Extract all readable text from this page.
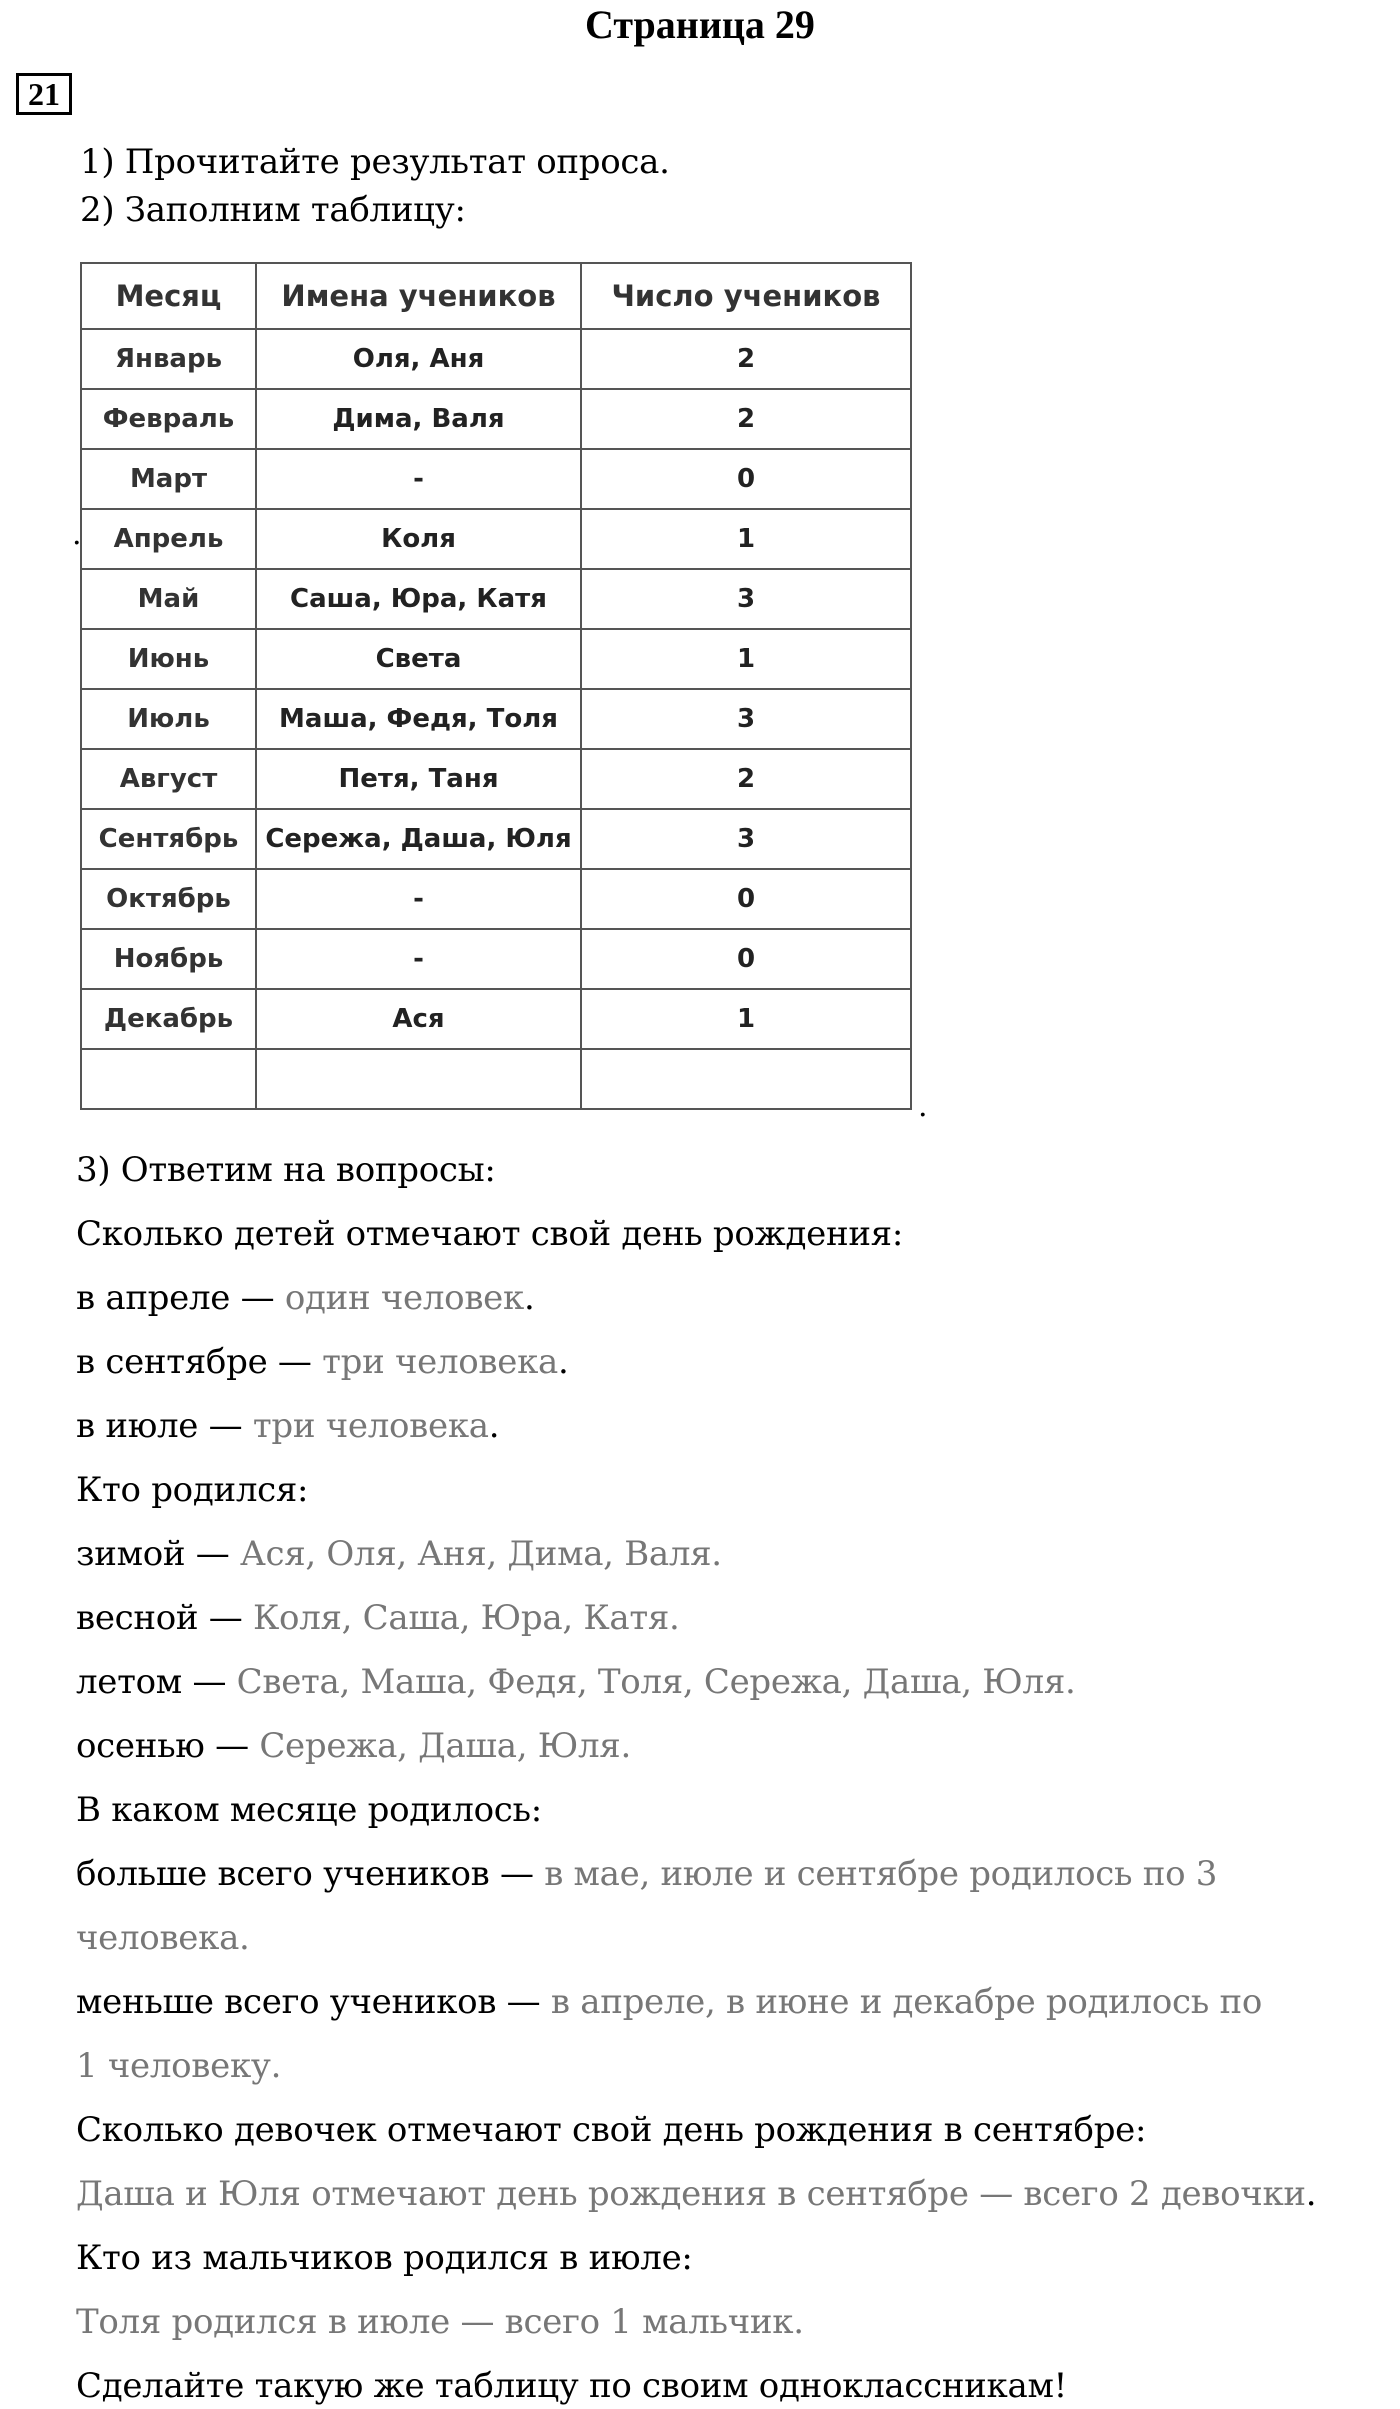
Страница 29
21
1) Прочитайте результат опроса.
2) Заполним таблицу:
.
Месяц	Имена учеников	Число учеников
Январь	Оля, Аня	2
Февраль	Дима, Валя	2
Март	-	0
Апрель	Коля	1
Май	Саша, Юра, Катя	3
Июнь	Света	1
Июль	Маша, Федя, Толя	3
Август	Петя, Таня	2
Сентябрь	Сережа, Даша, Юля	3
Октябрь	-	0
Ноябрь	-	0
Декабрь	Ася	1

.
3) Ответим на вопросы:
Сколько детей отмечают свой день рождения:
в апреле — один человек.
в сентябре — три человека.
в июле — три человека.
Кто родился:
зимой — Ася, Оля, Аня, Дима, Валя.
весной — Коля, Саша, Юра, Катя.
летом — Света, Маша, Федя, Толя, Сережа, Даша, Юля.
осенью — Сережа, Даша, Юля.
В каком месяце родилось:
больше всего учеников — в мае, июле и сентябре родилось по 3
человека.
меньше всего учеников — в апреле, в июне и декабре родилось по
1 человеку.
Сколько девочек отмечают свой день рождения в сентябре:
Даша и Юля отмечают день рождения в сентябре — всего 2 девочки.
Кто из мальчиков родился в июле:
Толя родился в июле — всего 1 мальчик.
Сделайте такую же таблицу по своим одноклассникам!
